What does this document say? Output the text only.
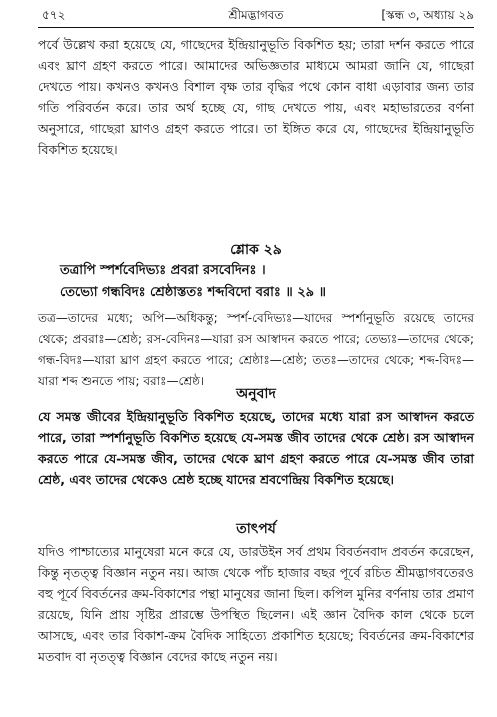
৫৭২	শ্রীমদ্ভাগবত	[স্কন্ধ ৩, অধ্যায় ২৯

পর্বে উল্লেখ করা হয়েছে যে, গাছেদের ইন্দ্রিয়ানুভূতি বিকশিত হয়; তারা দর্শন করতে পারে এবং ঘ্রাণ গ্রহণ করতে পারে। আমাদের অভিজ্ঞতার মাধ্যমে আমরা জানি যে, গাছেরা দেখতে পায়। কখনও কখনও বিশাল বৃক্ষ তার বৃদ্ধির পথে কোন বাধা এড়াবার জন্য তার গতি পরিবর্তন করে। তার অর্থ হচ্ছে যে, গাছ দেখতে পায়, এবং মহাভারতের বর্ণনা অনুসারে, গাছেরা ঘ্রাণও গ্রহণ করতে পারে। তা ইঙ্গিত করে যে, গাছেদের ইন্দ্রিয়ানুভূতি বিকশিত হয়েছে।

শ্লোক ২৯
তত্রাপি স্পর্শবেদিভ্যঃ প্রবরা রসবেদিনঃ ।
তেভ্যো গন্ধবিদঃ শ্রেষ্ঠাস্ততঃ শব্দবিদো বরাঃ ॥ ২৯ ॥

তত্র—তাদের মধ্যে; অপি—অধিকন্তু; স্পর্শ-বেদিভ্যঃ—যাদের স্পর্শানুভূতি রয়েছে তাদের থেকে; প্রবরাঃ—শ্রেষ্ঠ; রস-বেদিনঃ—যারা রস আস্বাদন করতে পারে; তেভ্যঃ—তাদের থেকে; গন্ধ-বিদঃ—যারা ঘ্রাণ গ্রহণ করতে পারে; শ্রেষ্ঠাঃ—শ্রেষ্ঠ; ততঃ—তাদের থেকে; শব্দ-বিদঃ—যারা শব্দ শুনতে পায়; বরাঃ—শ্রেষ্ঠ।

অনুবাদ

যে সমস্ত জীবের ইন্দ্রিয়ানুভূতি বিকশিত হয়েছে, তাদের মধ্যে যারা রস আস্বাদন করতে পারে, তারা স্পর্শানুভূতি বিকশিত হয়েছে যে-সমস্ত জীব তাদের থেকে শ্রেষ্ঠ। রস আস্বাদন করতে পারে যে-সমস্ত জীব, তাদের থেকে ঘ্রাণ গ্রহণ করতে পারে যে-সমস্ত জীব তারা শ্রেষ্ঠ, এবং তাদের থেকেও শ্রেষ্ঠ হচ্ছে যাদের শ্রবণেন্দ্রিয় বিকশিত হয়েছে।

তাৎপর্য

যদিও পাশ্চাত্যের মানুষেরা মনে করে যে, ডারউইন সর্ব প্রথম বিবর্তনবাদ প্রবর্তন করেছেন, কিন্তু নৃতত্ত্ব বিজ্ঞান নতুন নয়। আজ থেকে পাঁচ হাজার বছর পূর্বে রচিত শ্রীমদ্ভাগবতেরও বহু পূর্বে বিবর্তনের ক্রম-বিকাশের পন্থা মানুষের জানা ছিল। কপিল মুনির বর্ণনায় তার প্রমাণ রয়েছে, যিনি প্রায় সৃষ্টির প্রারম্ভে উপস্থিত ছিলেন। এই জ্ঞান বৈদিক কাল থেকে চলে আসছে, এবং তার বিকাশ-ক্রম বৈদিক সাহিত্যে প্রকাশিত হয়েছে; বিবর্তনের ক্রম-বিকাশের মতবাদ বা নৃতত্ত্ব বিজ্ঞান বেদের কাছে নতুন নয়।
